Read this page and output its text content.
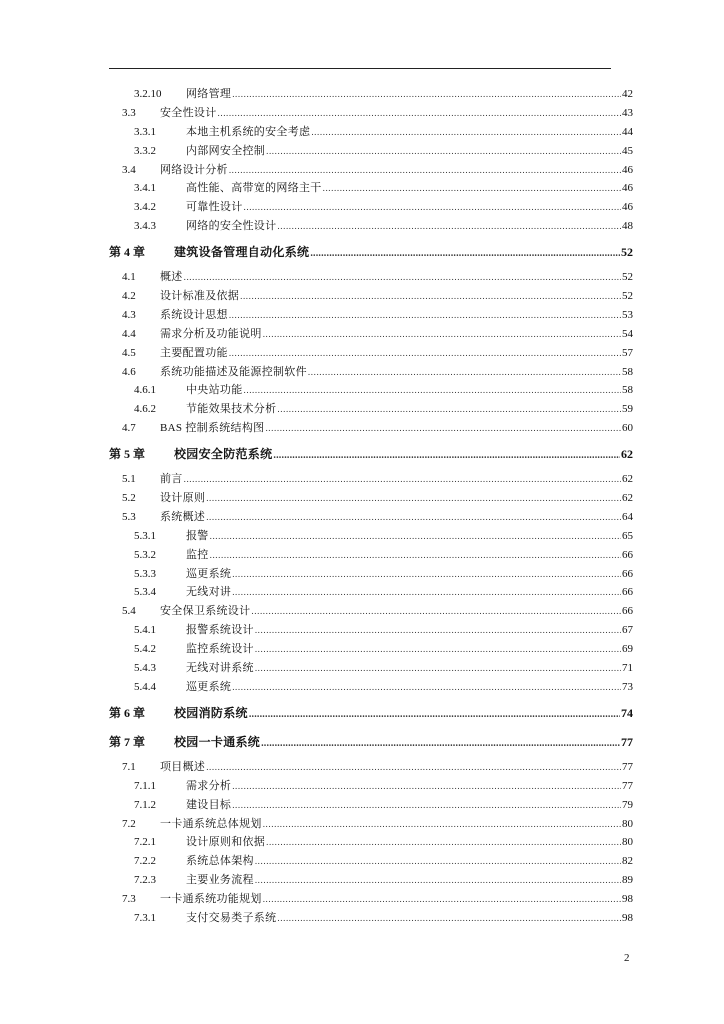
3.2.10 网络管理 .....	42
3.3 安全性设计 .....	43
3.3.1	本地主机系统的安全考虑 .....	44
3.3.2	内部网安全控制 .....	45
3.4 网络设计分析 .....	46
3.4.1	高性能、高带宽的网络主干 .....	46
3.4.2	可靠性设计 .....	46
3.4.3	网络的安全性设计 .....	48
第 4 章 建筑设备管理自动化系统 .....	52
4.1 概述 .....	52
4.2 设计标准及依据 .....	52
4.3 系统设计思想 .....	53
4.4 需求分析及功能说明 .....	54
4.5 主要配置功能 .....	57
4.6 系统功能描述及能源控制软件 .....	58
4.6.1	中央站功能 .....	58
4.6.2	节能效果技术分析 .....	59
4.7 BAS 控制系统结构图 .....	60
第 5 章 校园安全防范系统 .....	62
5.1 前言 .....	62
5.2 设计原则 .....	62
5.3 系统概述 .....	64
5.3.1	报警 .....	65
5.3.2	监控 .....	66
5.3.3	巡更系统 .....	66
5.3.4	无线对讲 .....	66
5.4 安全保卫系统设计 .....	66
5.4.1	报警系统设计 .....	67
5.4.2	监控系统设计 .....	69
5.4.3	无线对讲系统 .....	71
5.4.4	巡更系统 .....	73
第 6 章 校园消防系统 .....	74
第 7 章 校园一卡通系统 .....	77
7.1 项目概述 .....	77
7.1.1	需求分析 .....	77
7.1.2	建设目标 .....	79
7.2 一卡通系统总体规划 .....	80
7.2.1	设计原则和依据 .....	80
7.2.2	系统总体架构 .....	82
7.2.3	主要业务流程 .....	89
7.3 一卡通系统功能规划 .....	98
7.3.1	支付交易类子系统 .....	98
2
